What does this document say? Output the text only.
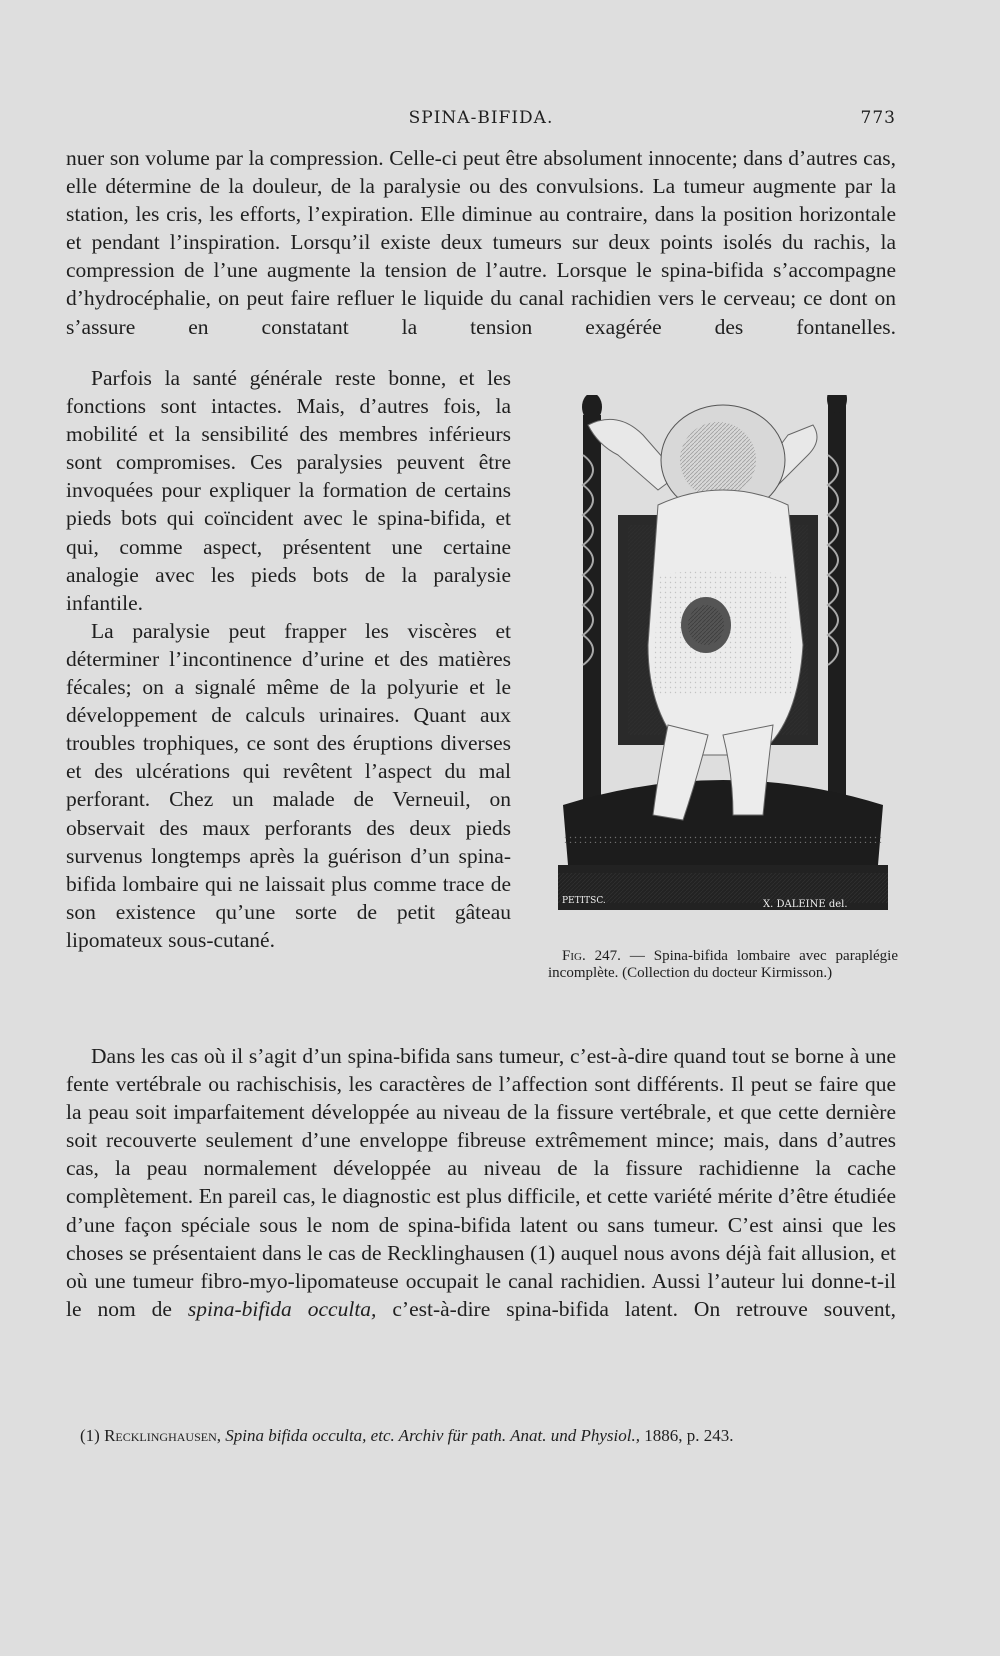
SPINA-BIFIDA.	773

nuer son volume par la compression. Celle-ci peut être absolument innocente; dans d’autres cas, elle détermine de la douleur, de la paralysie ou des convulsions. La tumeur augmente par la station, les cris, les efforts, l’expiration. Elle diminue au contraire, dans la position horizontale et pendant l’inspiration. Lorsqu’il existe deux tumeurs sur deux points isolés du rachis, la compression de l’une augmente la tension de l’autre. Lorsque le spina-bifida s’accompagne d’hydrocéphalie, on peut faire refluer le liquide du canal rachidien vers le cerveau; ce dont on s’assure en constatant la tension exagérée des fontanelles.

Parfois la santé générale reste bonne, et les fonctions sont intactes. Mais, d’autres fois, la mobilité et la sensibilité des membres inférieurs sont compromises. Ces paralysies peuvent être invoquées pour expliquer la formation de certains pieds bots qui coïncident avec le spina-bifida, et qui, comme aspect, présentent une certaine analogie avec les pieds bots de la paralysie infantile.

La paralysie peut frapper les viscères et déterminer l’incontinence d’urine et des matières fécales; on a signalé même de la polyurie et le développement de calculs urinaires. Quant aux troubles trophiques, ce sont des éruptions diverses et des ulcérations qui revêtent l’aspect du mal perforant. Chez un malade de Verneuil, on observait des maux perforants des deux pieds survenus longtemps après la guérison d’un spina-bifida lombaire qui ne laissait plus comme trace de son existence qu’une sorte de petit gâteau lipomateux sous-cutané.

PETITSC.	X. DALEINE del.
Fig. 247. — Spina-bifida lombaire avec paraplégie incomplète. (Collection du docteur Kirmisson.)

Dans les cas où il s’agit d’un spina-bifida sans tumeur, c’est-à-dire quand tout se borne à une fente vertébrale ou rachischisis, les caractères de l’affection sont différents. Il peut se faire que la peau soit imparfaitement développée au niveau de la fissure vertébrale, et que cette dernière soit recouverte seulement d’une enveloppe fibreuse extrêmement mince; mais, dans d’autres cas, la peau normalement développée au niveau de la fissure rachidienne la cache complètement. En pareil cas, le diagnostic est plus difficile, et cette variété mérite d’être étudiée d’une façon spéciale sous le nom de spina-bifida latent ou sans tumeur. C’est ainsi que les choses se présentaient dans le cas de Recklinghausen (1) auquel nous avons déjà fait allusion, et où une tumeur fibro-myo-lipomateuse occupait le canal rachidien. Aussi l’auteur lui donne-t-il le nom de spina-bifida occulta, c’est-à-dire spina-bifida latent. On retrouve souvent,

(1) Recklinghausen, Spina bifida occulta, etc. Archiv für path. Anat. und Physiol., 1886, p. 243.
